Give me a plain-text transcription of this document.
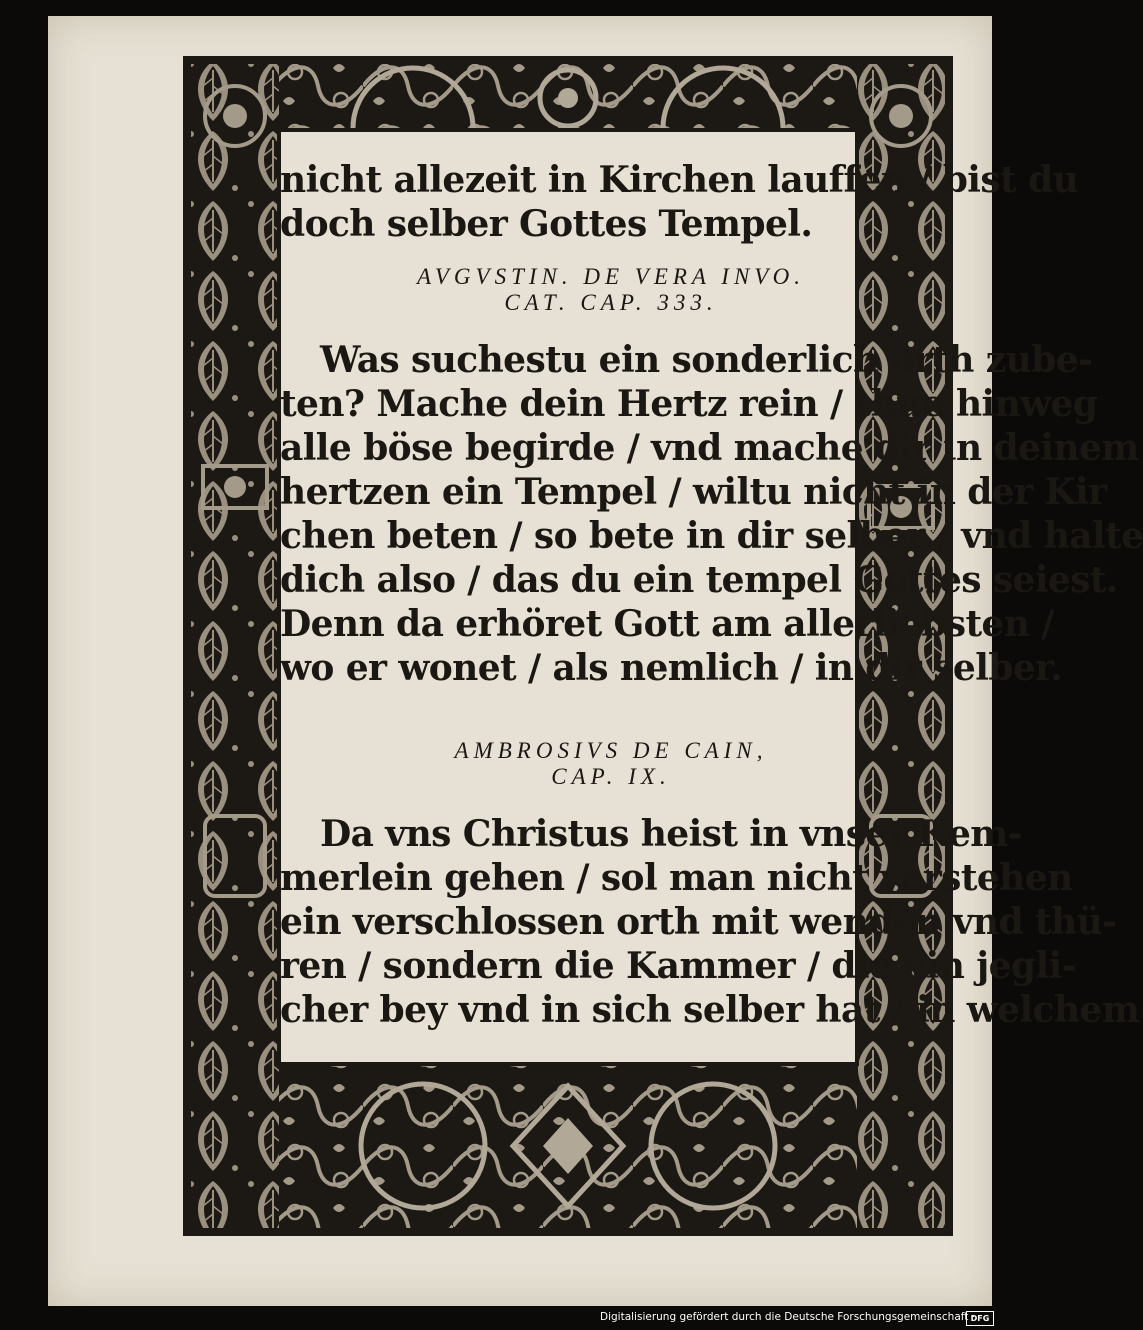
nicht allezeit in Kirchen lauffen / bist du
doch selber Gottes Tempel.
AVGVSTIN. DE VERA INVO.
CAT. CAP. 333.
Was suchestu ein sonderlich orth zube-
ten? Mache dein Hertz rein / thue hinweg
alle böse begirde / vnd mache dir in deinem
hertzen ein Tempel / wiltu nicht in der Kir
chen beten / so bete in dir selber / vnd halte
dich also / das du ein tempel Gottes seiest.
Denn da erhöret Gott am allerliebsten /
wo er wonet / als nemlich / in dir selber.
AMBROSIVS DE CAIN,
CAP. IX.
Da vns Christus heist in vnser Kem-
merlein gehen / sol man nicht verstehen
ein verschlossen orth mit wenden vnd thü-
ren / sondern die Kammer / die ein jegli-
cher bey vnd in sich selber hat / in welchem
Digitalisierung gefördert durch die Deutsche Forschungsgemeinschaft ·
DFG
